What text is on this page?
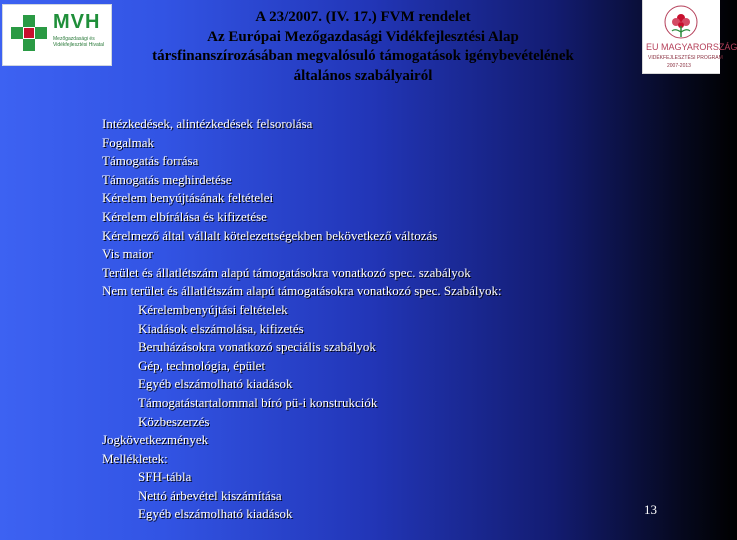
MVH
Mezőgazdasági és Vidékfejlesztési Hivatal	EU MAGYARORSZÁG
VIDÉKFEJLESZTÉSI PROGRAM
2007-2013
A 23/2007. (IV. 17.) FVM rendelet
Az Európai Mezőgazdasági Vidékfejlesztési Alap
társfinanszírozásában megvalósuló támogatások igénybevételének
általános szabályairól
Intézkedések, alintézkedések felsorolása
Fogalmak
Támogatás forrása
Támogatás meghirdetése
Kérelem benyújtásának feltételei
Kérelem elbírálása és kifizetése
Kérelmező által vállalt kötelezettségekben bekövetkező változás
Vis maior
Terület és állatlétszám alapú támogatásokra vonatkozó spec. szabályok
Nem terület és állatlétszám alapú támogatásokra vonatkozó spec. Szabályok:
Kérelembenyújtási feltételek
Kiadások elszámolása, kifizetés
Beruházásokra vonatkozó speciális szabályok
Gép, technológia, épület
Egyéb elszámolható kiadások
Támogatástartalommal bíró pü-i konstrukciók
Közbeszerzés
Jogkövetkezmények
Mellékletek:
SFH-tábla
Nettó árbevétel kiszámítása
Egyéb elszámolható kiadások	13
